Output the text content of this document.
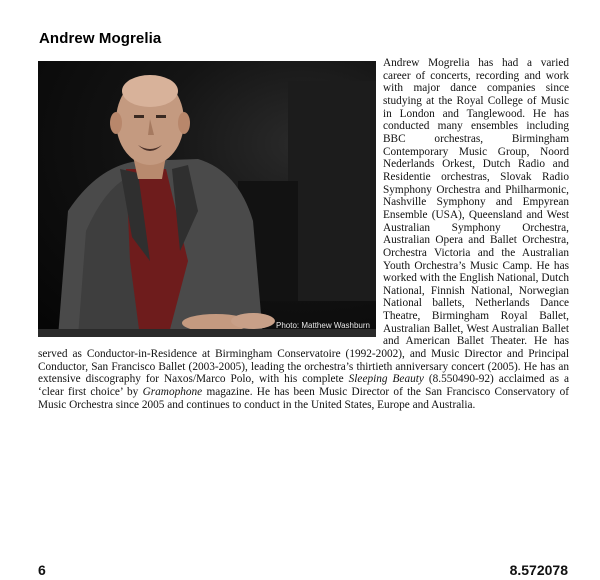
Andrew Mogrelia
Photo: Matthew Washburn
Andrew Mogrelia has had a varied career of concerts, recording and work with major dance companies since studying at the Royal College of Music in London and Tanglewood. He has conducted many ensembles including BBC orchestras, Birmingham Contemporary Music Group, Noord Nederlands Orkest, Dutch Radio and Residentie orchestras, Slovak Radio Symphony Orchestra and Philharmonic, Nashville Symphony and Empyrean Ensemble (USA), Queensland and West Australian Symphony Orchestra, Australian Opera and Ballet Orchestra, Orchestra Victoria and the Australian Youth Orchestra’s Music Camp. He has worked with the English National, Dutch National, Finnish National, Norwegian National ballets, Netherlands Dance Theatre, Birmingham Royal Ballet, Australian Ballet, West Australian Ballet and American Ballet Theater. He has served as Conductor-in-Residence at Birmingham Conservatoire (1992-2002), and Music Director and Principal Conductor, San Francisco Ballet (2003-2005), leading the orchestra’s thirtieth anniversary concert (2005). He has an extensive discography for Naxos/Marco Polo, with his complete Sleeping Beauty (8.550490-92) acclaimed as a ‘clear first choice’ by Gramophone magazine. He has been Music Director of the San Francisco Conservatory of Music Orchestra since 2005 and continues to conduct in the United States, Europe and Australia.
6	8.572078
